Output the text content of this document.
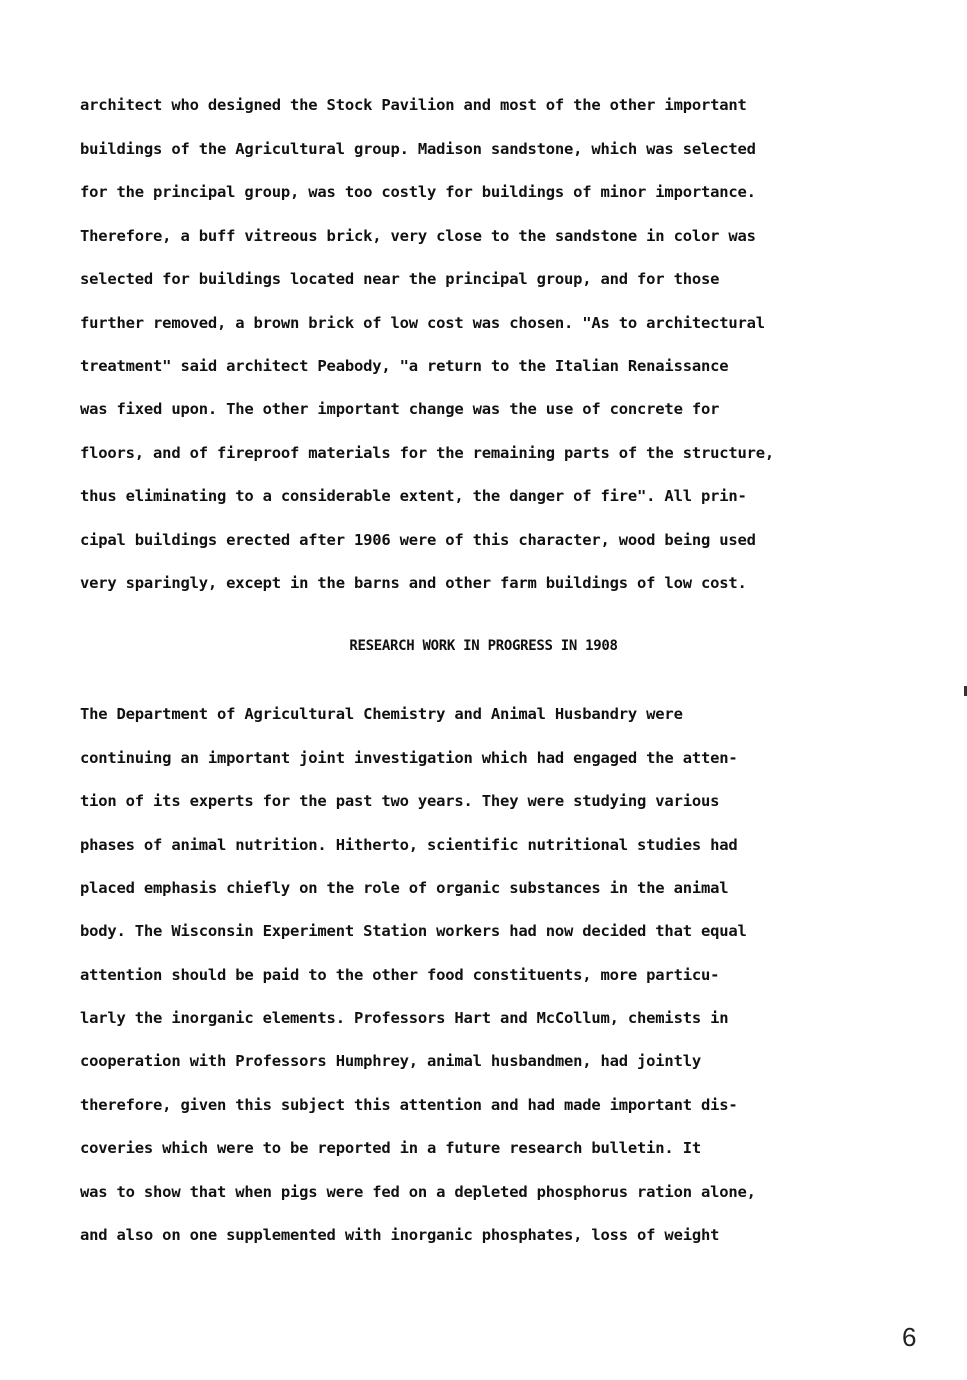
architect who designed the Stock Pavilion and most of the other important
buildings of the Agricultural group. Madison sandstone, which was selected
for the principal group, was too costly for buildings of minor importance.
Therefore, a buff vitreous brick, very close to the sandstone in color was
selected for buildings located near the principal group, and for those
further removed, a brown brick of low cost was chosen. "As to architectural
treatment" said architect Peabody, "a return to the Italian Renaissance
was fixed upon. The other important change was the use of concrete for
floors, and of fireproof materials for the remaining parts of the structure,
thus eliminating to a considerable extent, the danger of fire". All prin-
cipal buildings erected after 1906 were of this character, wood being used
very sparingly, except in the barns and other farm buildings of low cost.
RESEARCH WORK IN PROGRESS IN 1908
The Department of Agricultural Chemistry and Animal Husbandry were
continuing an important joint investigation which had engaged the atten-
tion of its experts for the past two years. They were studying various
phases of animal nutrition. Hitherto, scientific nutritional studies had
placed emphasis chiefly on the role of organic substances in the animal
body. The Wisconsin Experiment Station workers had now decided that equal
attention should be paid to the other food constituents, more particu-
larly the inorganic elements. Professors Hart and McCollum, chemists in
cooperation with Professors Humphrey, animal husbandmen, had jointly
therefore, given this subject this attention and had made important dis-
coveries which were to be reported in a future research bulletin. It
was to show that when pigs were fed on a depleted phosphorus ration alone,
and also on one supplemented with inorganic phosphates, loss of weight
6
